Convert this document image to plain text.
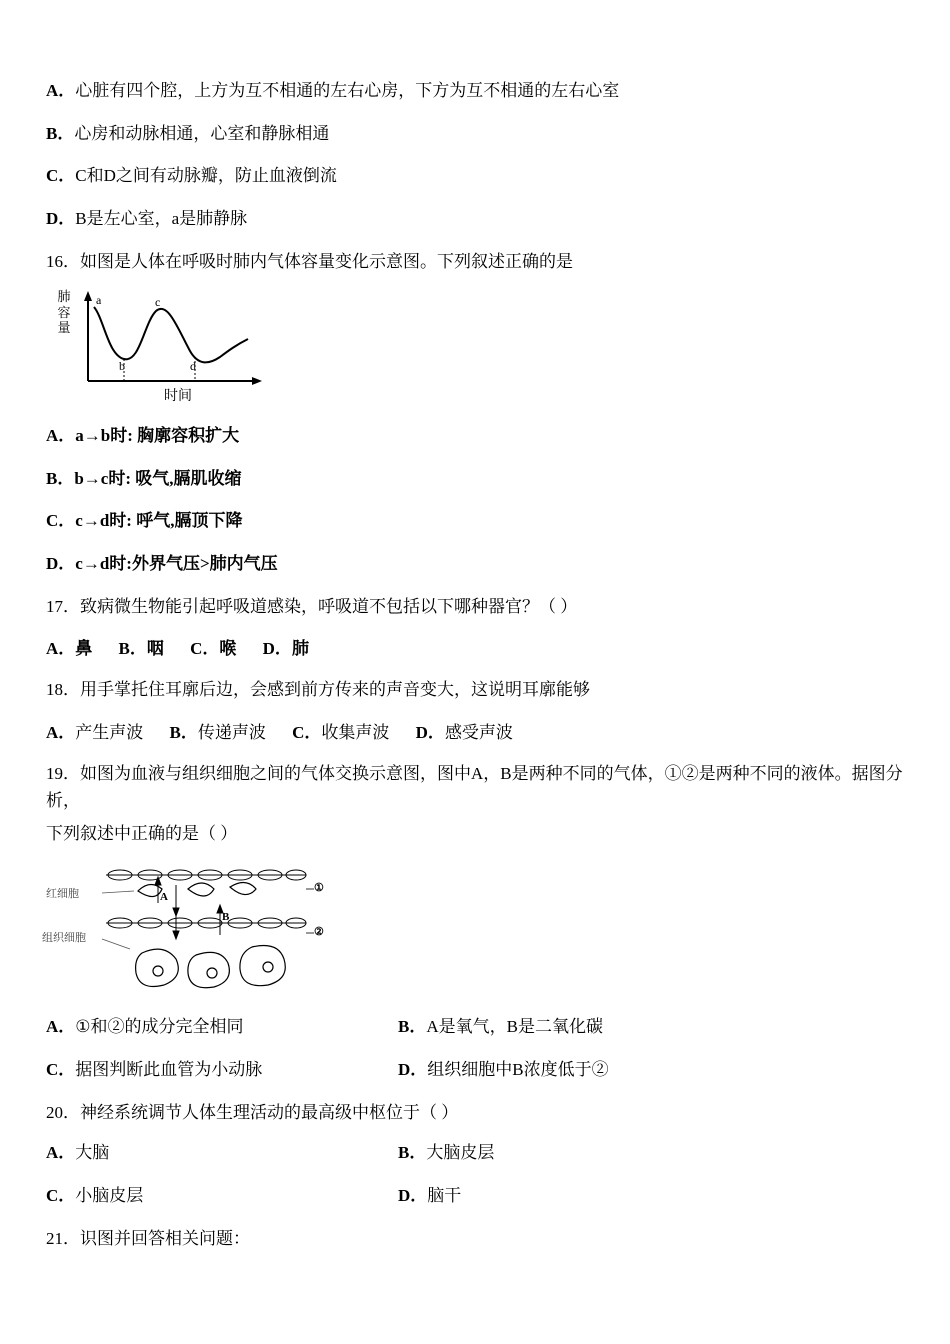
A．心脏有四个腔，上方为互不相通的左右心房，下方为互不相通的左右心室
B．心房和动脉相通，心室和静脉相通
C．C和D之间有动脉瓣，防止血液倒流
D．B是左心室，a是肺静脉
16．如图是人体在呼吸时肺内气体容量变化示意图。下列叙述正确的是
肺容量
a
b
c
d
时间
A．a→b时: 胸廓容积扩大
B．b→c时: 吸气,膈肌收缩
C．c→d时: 呼气,膈顶下降
D．c→d时:外界气压>肺内气压
17．致病微生物能引起呼吸道感染，呼吸道不包括以下哪种器官？（ ）
A．鼻 B．咽 C．喉 D．肺
18．用手掌托住耳廓后边，会感到前方传来的声音变大，这说明耳廓能够
A．产生声波 B．传递声波 C．收集声波 D．感受声波
19．如图为血液与组织细胞之间的气体交换示意图，图中A，B是两种不同的气体，①②是两种不同的液体。据图分析，
下列叙述中正确的是（ ）
红细胞
组织细胞
A
B
①
②
A．①和②的成分完全相同	B．A是氧气，B是二氧化碳
C．据图判断此血管为小动脉	D．组织细胞中B浓度低于②
20．神经系统调节人体生理活动的最高级中枢位于（ ）
A．大脑	B．大脑皮层
C．小脑皮层	D．脑干
21．识图并回答相关问题：
